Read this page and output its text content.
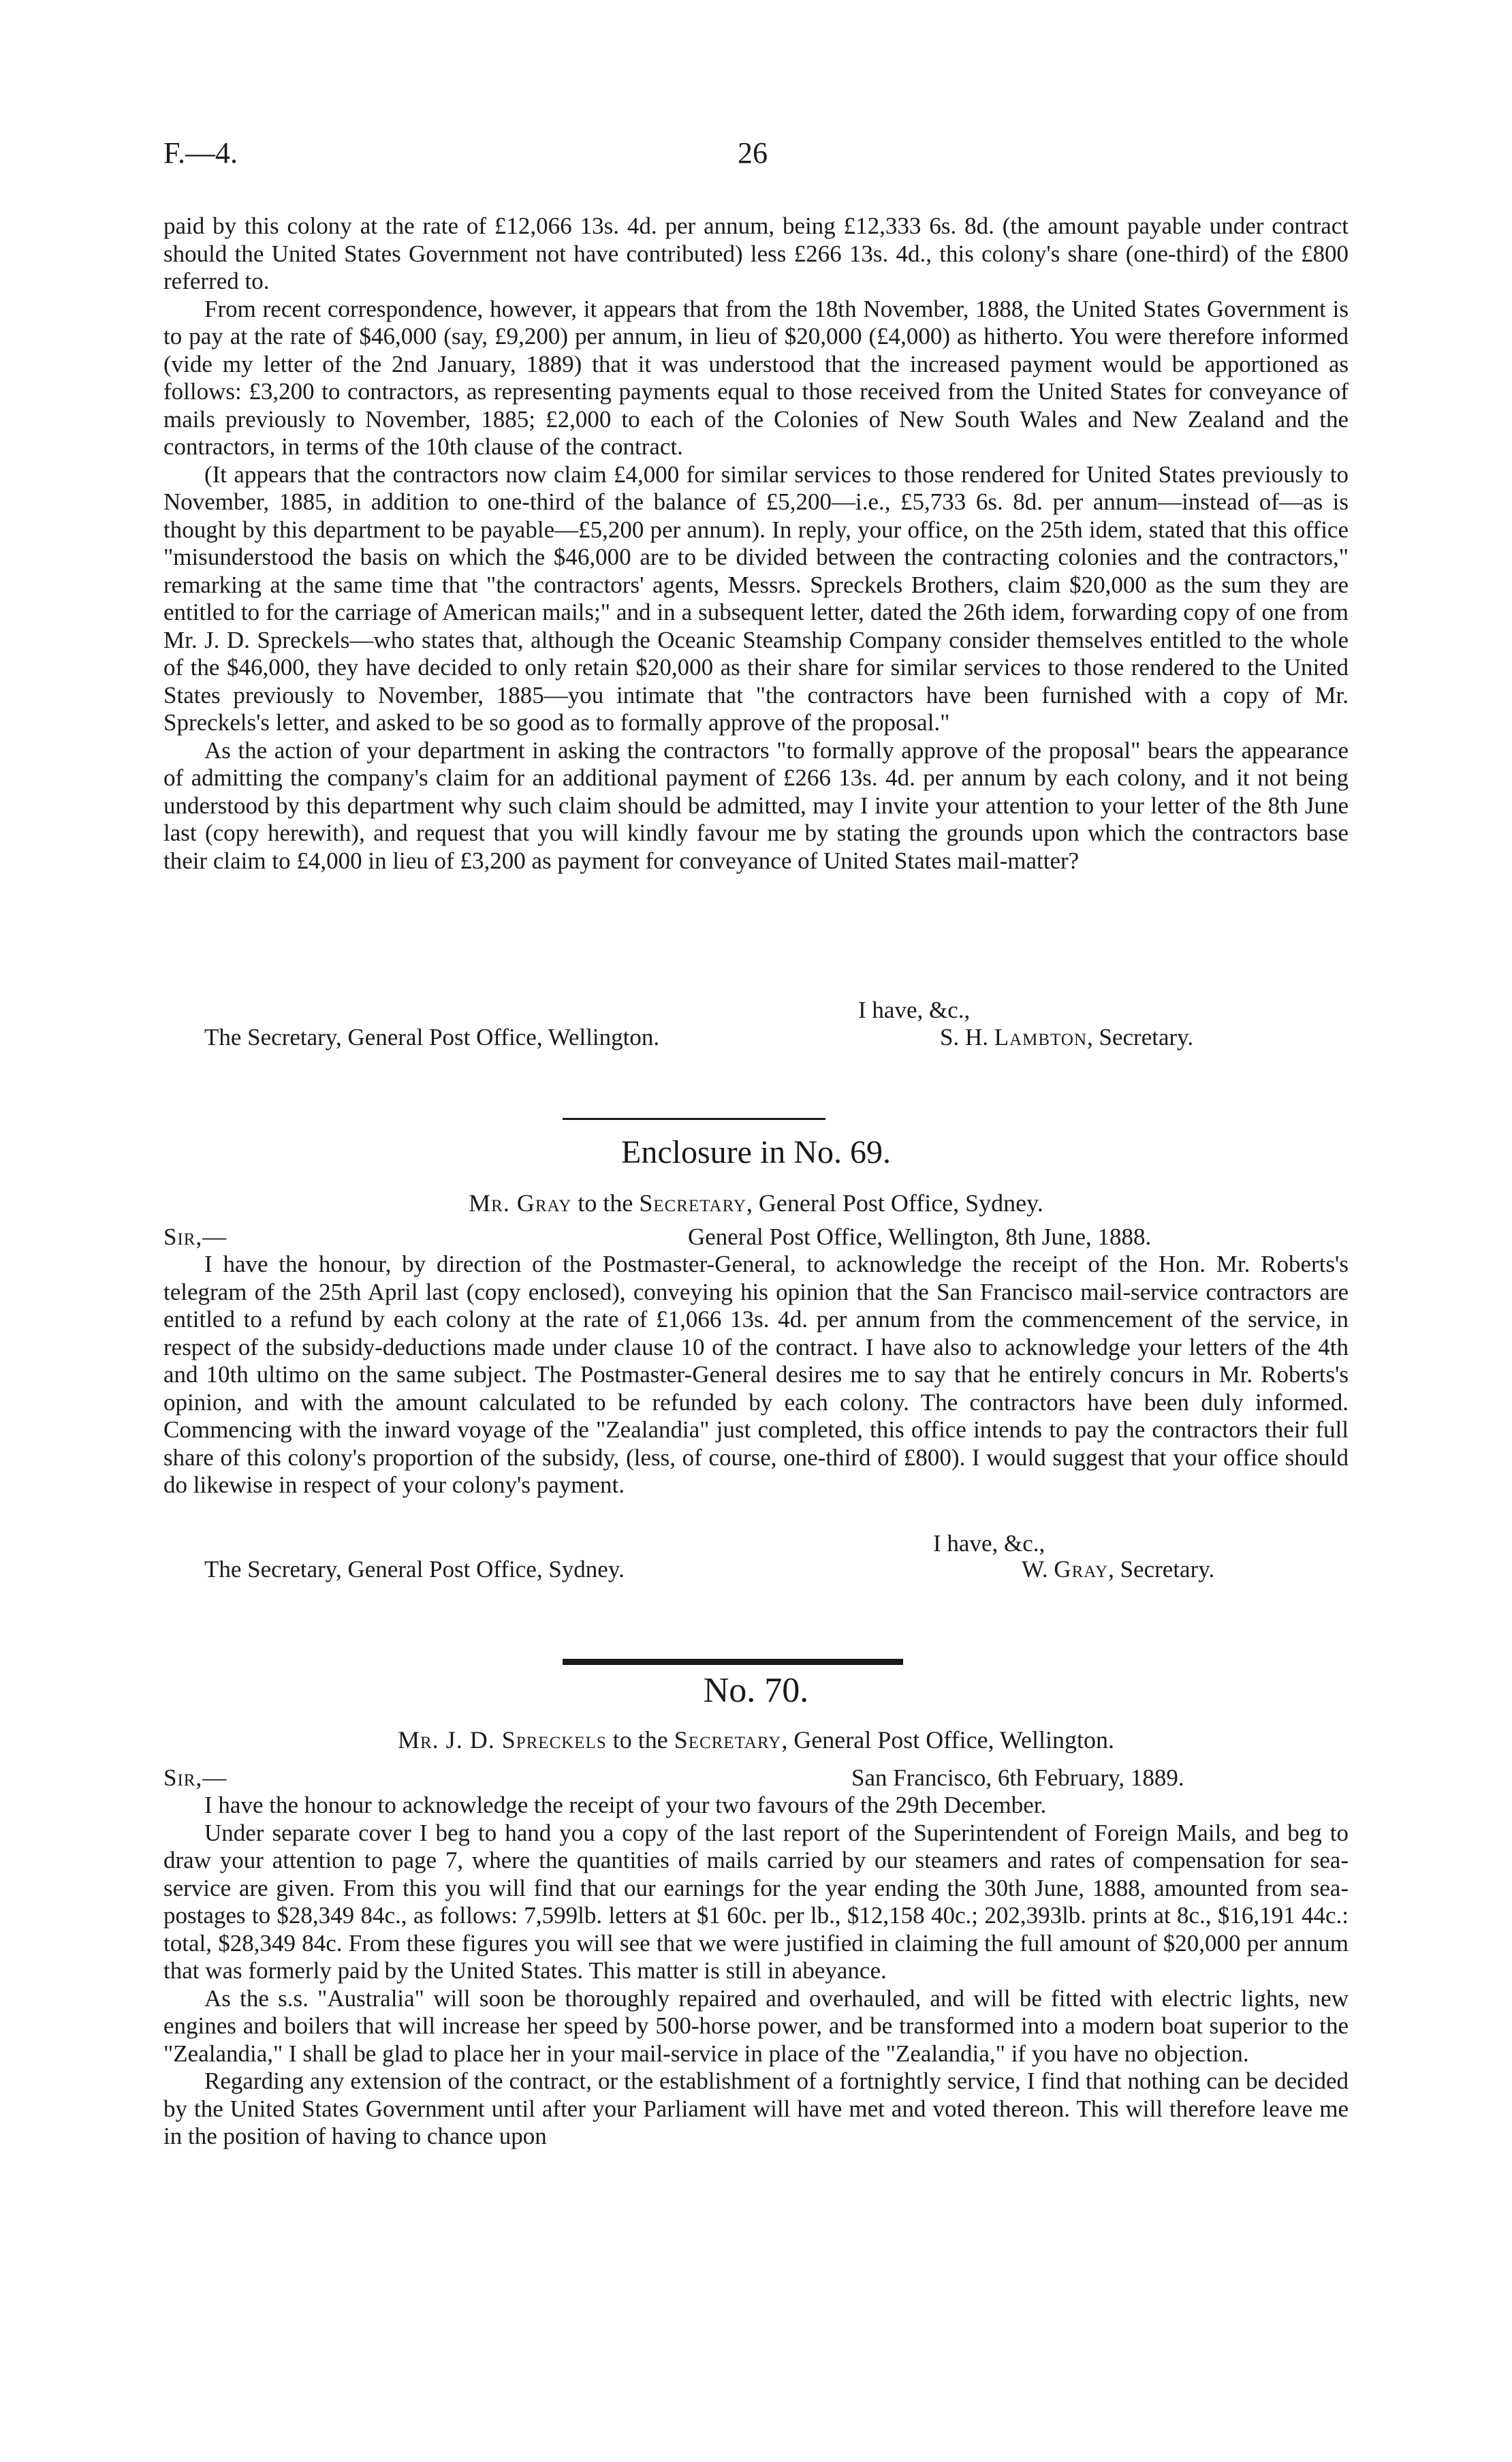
F.—4.	26

paid by this colony at the rate of £12,066 13s. 4d. per annum, being £12,333 6s. 8d. (the amount payable under contract should the United States Government not have contributed) less £266 13s. 4d., this colony's share (one-third) of the £800 referred to.

From recent correspondence, however, it appears that from the 18th November, 1888, the United States Government is to pay at the rate of $46,000 (say, £9,200) per annum, in lieu of $20,000 (£4,000) as hitherto. You were therefore informed (vide my letter of the 2nd January, 1889) that it was understood that the increased payment would be apportioned as follows: £3,200 to contractors, as representing payments equal to those received from the United States for conveyance of mails previously to November, 1885; £2,000 to each of the Colonies of New South Wales and New Zealand and the contractors, in terms of the 10th clause of the contract.

(It appears that the contractors now claim £4,000 for similar services to those rendered for United States previously to November, 1885, in addition to one-third of the balance of £5,200—i.e., £5,733 6s. 8d. per annum—instead of—as is thought by this department to be payable—£5,200 per annum). In reply, your office, on the 25th idem, stated that this office "misunderstood the basis on which the $46,000 are to be divided between the contracting colonies and the contractors," remarking at the same time that "the contractors' agents, Messrs. Spreckels Brothers, claim $20,000 as the sum they are entitled to for the carriage of American mails;" and in a subsequent letter, dated the 26th idem, forwarding copy of one from Mr. J. D. Spreckels—who states that, although the Oceanic Steamship Company consider themselves entitled to the whole of the $46,000, they have decided to only retain $20,000 as their share for similar services to those rendered to the United States previously to November, 1885—you intimate that "the contractors have been furnished with a copy of Mr. Spreckels's letter, and asked to be so good as to formally approve of the proposal."

As the action of your department in asking the contractors "to formally approve of the proposal" bears the appearance of admitting the company's claim for an additional payment of £266 13s. 4d. per annum by each colony, and it not being understood by this department why such claim should be admitted, may I invite your attention to your letter of the 8th June last (copy herewith), and request that you will kindly favour me by stating the grounds upon which the contractors base their claim to £4,000 in lieu of £3,200 as payment for conveyance of United States mail-matter?

I have, &c.,
The Secretary, General Post Office, Wellington.	S. H. Lambton, Secretary.
Enclosure in No. 69.
Mr. Gray to the Secretary, General Post Office, Sydney.
Sir,—	General Post Office, Wellington, 8th June, 1888.

I have the honour, by direction of the Postmaster-General, to acknowledge the receipt of the Hon. Mr. Roberts's telegram of the 25th April last (copy enclosed), conveying his opinion that the San Francisco mail-service contractors are entitled to a refund by each colony at the rate of £1,066 13s. 4d. per annum from the commencement of the service, in respect of the subsidy-deductions made under clause 10 of the contract. I have also to acknowledge your letters of the 4th and 10th ultimo on the same subject. The Postmaster-General desires me to say that he entirely concurs in Mr. Roberts's opinion, and with the amount calculated to be refunded by each colony. The contractors have been duly informed. Commencing with the inward voyage of the "Zealandia" just completed, this office intends to pay the contractors their full share of this colony's proportion of the subsidy, (less, of course, one-third of £800). I would suggest that your office should do likewise in respect of your colony's payment.

I have, &c.,
The Secretary, General Post Office, Sydney.	W. Gray, Secretary.
No. 70.
Mr. J. D. Spreckels to the Secretary, General Post Office, Wellington.
Sir,—	San Francisco, 6th February, 1889.

I have the honour to acknowledge the receipt of your two favours of the 29th December.

Under separate cover I beg to hand you a copy of the last report of the Superintendent of Foreign Mails, and beg to draw your attention to page 7, where the quantities of mails carried by our steamers and rates of compensation for sea-service are given. From this you will find that our earnings for the year ending the 30th June, 1888, amounted from sea-postages to $28,349 84c., as follows: 7,599lb. letters at $1 60c. per lb., $12,158 40c.; 202,393lb. prints at 8c., $16,191 44c.: total, $28,349 84c. From these figures you will see that we were justified in claiming the full amount of $20,000 per annum that was formerly paid by the United States. This matter is still in abeyance.

As the s.s. "Australia" will soon be thoroughly repaired and overhauled, and will be fitted with electric lights, new engines and boilers that will increase her speed by 500-horse power, and be transformed into a modern boat superior to the "Zealandia," I shall be glad to place her in your mail-service in place of the "Zealandia," if you have no objection.

Regarding any extension of the contract, or the establishment of a fortnightly service, I find that nothing can be decided by the United States Government until after your Parliament will have met and voted thereon. This will therefore leave me in the position of having to chance upon
